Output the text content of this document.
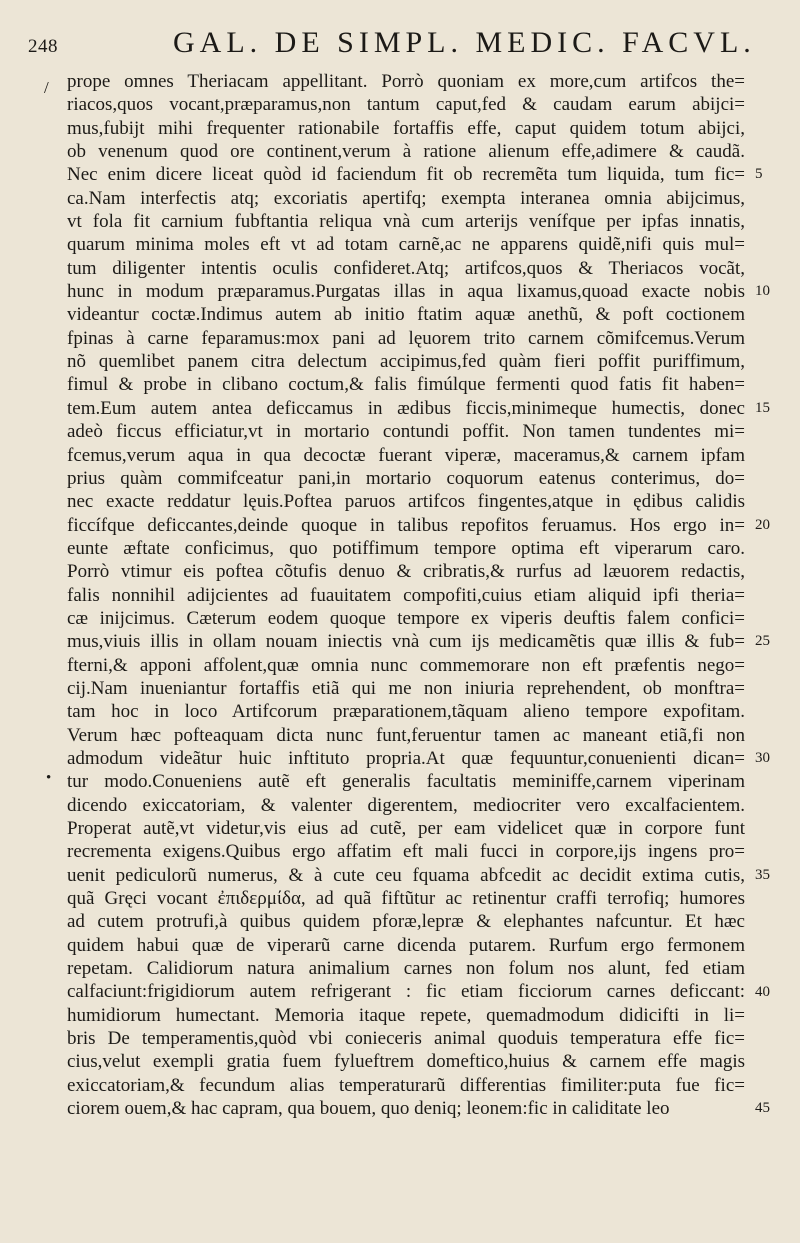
248	GAL. DE SIMPL. MEDIC. FACVL.
/
•
prope omnes Theriacam appellitant. Porrò quoniam ex more,cum artifcos the=
riacos,quos vocant,præparamus,non tantum caput,fed & caudam earum abijci=
mus,fubijt mihi frequenter rationabile fortaffis effe, caput quidem totum abijci,
ob venenum quod ore continent,verum à ratione alienum effe,adimere & caudã.
Nec enim dicere liceat quòd id faciendum fit ob recremẽta tum liquida, tum fic=
ca.Nam interfectis atq; excoriatis apertifq; exempta interanea omnia abijcimus,
vt fola fit carnium fubftantia reliqua vnà cum arterijs venífque per ipfas innatis,
quarum minima moles eft vt ad totam carnẽ,ac ne apparens quidẽ,nifi quis mul=
tum diligenter intentis oculis confideret.Atq; artifcos,quos & Theriacos vocãt,
hunc in modum præparamus.Purgatas illas in aqua lixamus,quoad exacte nobis
videantur coctæ.Indimus autem ab initio ftatim aquæ anethũ, & poft coctionem
fpinas à carne feparamus:mox pani ad lęuorem trito carnem cõmifcemus.Verum
nõ quemlibet panem citra delectum accipimus,fed quàm fieri poffit puriffimum,
fimul & probe in clibano coctum,& falis fimúlque fermenti quod fatis fit haben=
tem.Eum autem antea deficcamus in ædibus ficcis,minimeque humectis, donec
adeò ficcus efficiatur,vt in mortario contundi poffit. Non tamen tundentes mi=
fcemus,verum aqua in qua decoctæ fuerant viperæ, maceramus,& carnem ipfam
prius quàm commifceatur pani,in mortario coquorum eatenus conterimus, do=
nec exacte reddatur lęuis.Poftea paruos artifcos fingentes,atque in ędibus calidis
ficcífque deficcantes,deinde quoque in talibus repofitos feruamus. Hos ergo in=
eunte æftate conficimus, quo potiffimum tempore optima eft viperarum caro.
Porrò vtimur eis poftea cõtufis denuo & cribratis,& rurfus ad læuorem redactis,
falis nonnihil adijcientes ad fuauitatem compofiti,cuius etiam aliquid ipfi theria=
cæ inijcimus. Cæterum eodem quoque tempore ex viperis deuftis falem confici=
mus,viuis illis in ollam nouam iniectis vnà cum ijs medicamẽtis quæ illis & fub=
fterni,& apponi affolent,quæ omnia nunc commemorare non eft præfentis nego=
cij.Nam inueniantur fortaffis etiã qui me non iniuria reprehendent, ob monftra=
tam hoc in loco Artifcorum præparationem,tãquam alieno tempore expofitam.
Verum hæc pofteaquam dicta nunc funt,feruentur tamen ac maneant etiã,fi non
admodum videãtur huic inftituto propria.At quæ fequuntur,conuenienti dican=
tur modo.Conueniens autẽ eft generalis facultatis meminiffe,carnem viperinam
dicendo exiccatoriam, & valenter digerentem, mediocriter vero excalfacientem.
Properat autẽ,vt videtur,vis eius ad cutẽ, per eam videlicet quæ in corpore funt
recrementa exigens.Quibus ergo affatim eft mali fucci in corpore,ijs ingens pro=
uenit pediculorũ numerus, & à cute ceu fquama abfcedit ac decidit extima cutis,
quã Gręci vocant ἐπιδερμίδα, ad quã fiftũtur ac retinentur craffi terrofiq; humores
ad cutem protrufi,à quibus quidem pforæ,lepræ & elephantes nafcuntur. Et hæc
quidem habui quæ de viperarũ carne dicenda putarem. Rurfum ergo fermonem
repetam. Calidiorum natura animalium carnes non folum nos alunt, fed etiam
calfaciunt:frigidiorum autem refrigerant : fic etiam ficciorum carnes deficcant:
humidiorum humectant. Memoria itaque repete, quemadmodum didicifti in li=
bris De temperamentis,quòd vbi conieceris animal quoduis temperatura effe fic=
cius,velut exempli gratia fuem fylueftrem domeftico,huius & carnem effe magis
exiccatoriam,& fecundum alias temperaturarũ differentias fimiliter:puta fue fic=
ciorem ouem,& hac capram, qua bouem, quo deniq; leonem:fic in caliditate leo
5
10
15
20
25
30
35
40
45
